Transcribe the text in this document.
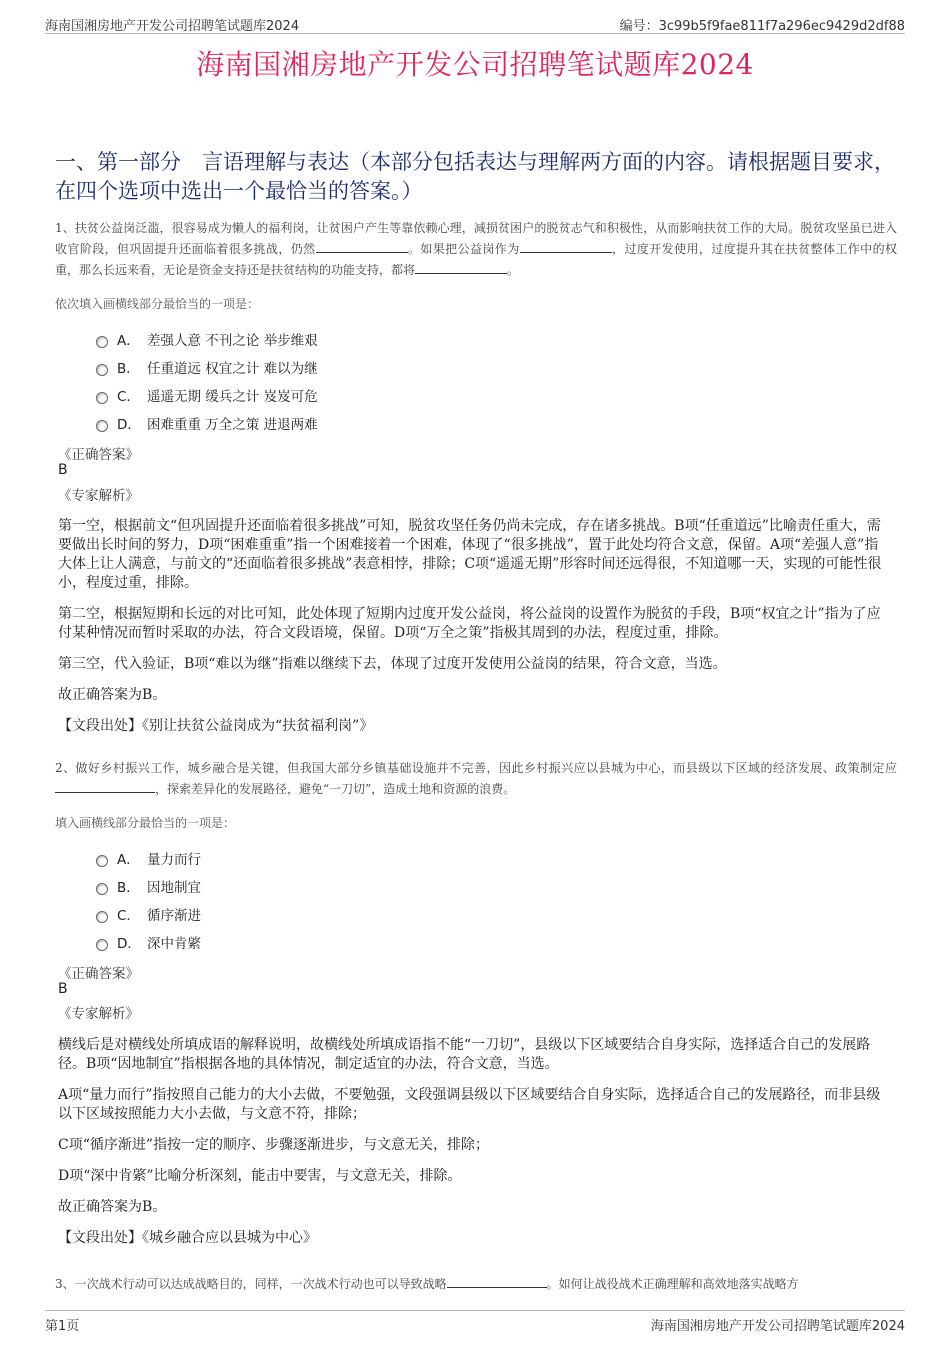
海南国湘房地产开发公司招聘笔试题库2024	编号：3c99b5f9fae811f7a296ec9429d2df88
海南国湘房地产开发公司招聘笔试题库2024
一、第一部分　言语理解与表达（本部分包括表达与理解两方面的内容。请根据题目要求，在四个选项中选出一个最恰当的答案。）
1、扶贫公益岗泛滥，很容易成为懒人的福利岗，让贫困户产生等靠依赖心理，减损贫困户的脱贫志气和积极性，从而影响扶贫工作的大局。脱贫攻坚虽已进入收官阶段，但巩固提升还面临着很多挑战，仍然	。如果把公益岗作为	，过度开发使用，过度提升其在扶贫整体工作中的权重，那么长远来看，无论是资金支持还是扶贫结构的功能支持，都将	。
依次填入画横线部分最恰当的一项是：
A． 差强人意 不刊之论 举步维艰
B． 任重道远 权宜之计 难以为继
C． 遥遥无期 缓兵之计 岌岌可危
D． 困难重重 万全之策 进退两难
《正确答案》
B
《专家解析》

第一空，根据前文“但巩固提升还面临着很多挑战”可知，脱贫攻坚任务仍尚未完成，存在诸多挑战。B项“任重道远”比喻责任重大，需要做出长时间的努力，D项“困难重重”指一个困难接着一个困难，体现了“很多挑战”，置于此处均符合文意，保留。A项“差强人意”指大体上让人满意，与前文的“还面临着很多挑战”表意相悖，排除；C项“遥遥无期”形容时间还远得很，不知道哪一天，实现的可能性很小，程度过重，排除。

第二空，根据短期和长远的对比可知，此处体现了短期内过度开发公益岗，将公益岗的设置作为脱贫的手段，B项“权宜之计”指为了应付某种情况而暂时采取的办法，符合文段语境，保留。D项“万全之策”指极其周到的办法，程度过重，排除。

第三空，代入验证，B项“难以为继”指难以继续下去，体现了过度开发使用公益岗的结果，符合文意，当选。

故正确答案为B。

【文段出处】《别让扶贫公益岗成为“扶贫福利岗”》

2、做好乡村振兴工作，城乡融合是关键，但我国大部分乡镇基础设施并不完善，因此乡村振兴应以县城为中心，而县级以下区域的经济发展、政策制定应，探索差异化的发展路径，避免“一刀切”，造成土地和资源的浪费。
填入画横线部分最恰当的一项是：
A． 量力而行
B． 因地制宜
C． 循序渐进
D． 深中肯綮
《正确答案》
B
《专家解析》

横线后是对横线处所填成语的解释说明，故横线处所填成语指不能“一刀切”，县级以下区域要结合自身实际，选择适合自己的发展路径。B项“因地制宜”指根据各地的具体情况，制定适宜的办法，符合文意，当选。

A项“量力而行”指按照自己能力的大小去做，不要勉强，文段强调县级以下区域要结合自身实际，选择适合自己的发展路径，而非县级以下区域按照能力大小去做，与文意不符，排除；

C项“循序渐进”指按一定的顺序、步骤逐渐进步，与文意无关，排除；

D项“深中肯綮”比喻分析深刻，能击中要害，与文意无关，排除。

故正确答案为B。

【文段出处】《城乡融合应以县城为中心》

3、一次战术行动可以达成战略目的，同样，一次战术行动也可以导致战略	。如何让战役战术正确理解和高效地落实战略方
第1页	海南国湘房地产开发公司招聘笔试题库2024
